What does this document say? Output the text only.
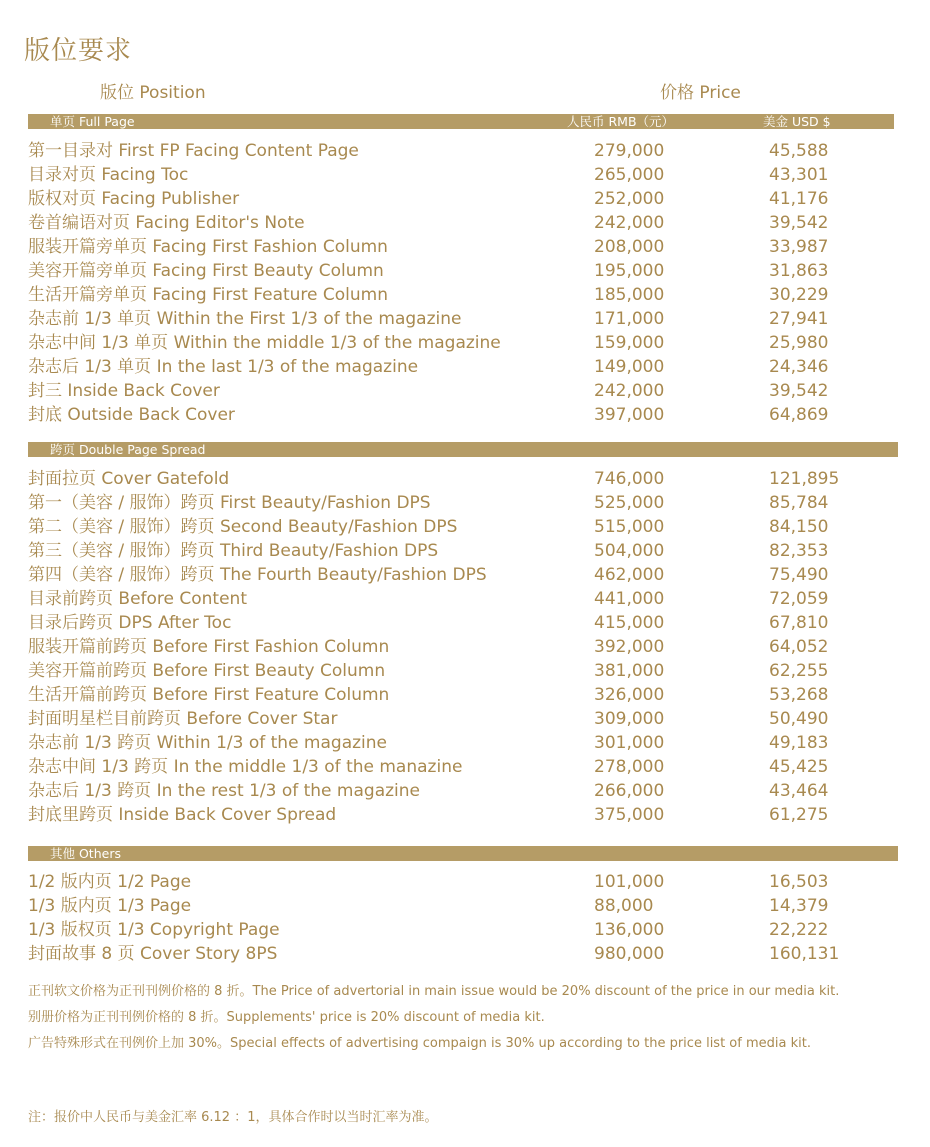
版位要求
版位 Position	价格 Price
单页 Full Page	人民币 RMB（元）	美金 USD $
第一目录对 First FP Facing Content Page	279,000	45,588
目录对页 Facing Toc	265,000	43,301
版权对页 Facing Publisher	252,000	41,176
卷首编语对页 Facing Editor's Note	242,000	39,542
服装开篇旁单页 Facing First Fashion Column	208,000	33,987
美容开篇旁单页 Facing First Beauty Column	195,000	31,863
生活开篇旁单页 Facing First Feature Column	185,000	30,229
杂志前 1/3 单页 Within the First 1/3 of the magazine	171,000	27,941
杂志中间 1/3 单页 Within the middle 1/3 of the magazine	159,000	25,980
杂志后 1/3 单页 In the last 1/3 of the magazine	149,000	24,346
封三 Inside Back Cover	242,000	39,542
封底 Outside Back Cover	397,000	64,869
跨页 Double Page Spread
封面拉页 Cover Gatefold	746,000	121,895
第一（美容 / 服饰）跨页 First Beauty/Fashion DPS	525,000	85,784
第二（美容 / 服饰）跨页 Second Beauty/Fashion DPS	515,000	84,150
第三（美容 / 服饰）跨页 Third Beauty/Fashion DPS	504,000	82,353
第四（美容 / 服饰）跨页 The Fourth Beauty/Fashion DPS	462,000	75,490
目录前跨页 Before Content	441,000	72,059
目录后跨页 DPS After Toc	415,000	67,810
服装开篇前跨页 Before First Fashion Column	392,000	64,052
美容开篇前跨页 Before First Beauty Column	381,000	62,255
生活开篇前跨页 Before First Feature Column	326,000	53,268
封面明星栏目前跨页 Before Cover Star	309,000	50,490
杂志前 1/3 跨页 Within 1/3 of the magazine	301,000	49,183
杂志中间 1/3 跨页 In the middle 1/3 of the manazine	278,000	45,425
杂志后 1/3 跨页 In the rest 1/3 of the magazine	266,000	43,464
封底里跨页 Inside Back Cover Spread	375,000	61,275
其他 Others
1/2 版内页 1/2 Page	101,000	16,503
1/3 版内页 1/3 Page	88,000	14,379
1/3 版权页 1/3 Copyright Page	136,000	22,222
封面故事 8 页 Cover Story 8PS	980,000	160,131
正刊软文价格为正刊刊例价格的 8 折。The Price of advertorial in main issue would be 20% discount of the price in our media kit.
别册价格为正刊刊例价格的 8 折。Supplements' price is 20% discount of media kit.
广告特殊形式在刊例价上加 30%。Special effects of advertising compaign is 30% up according to the price list of media kit.
注：报价中人民币与美金汇率 6.12 ：1，具体合作时以当时汇率为准。
